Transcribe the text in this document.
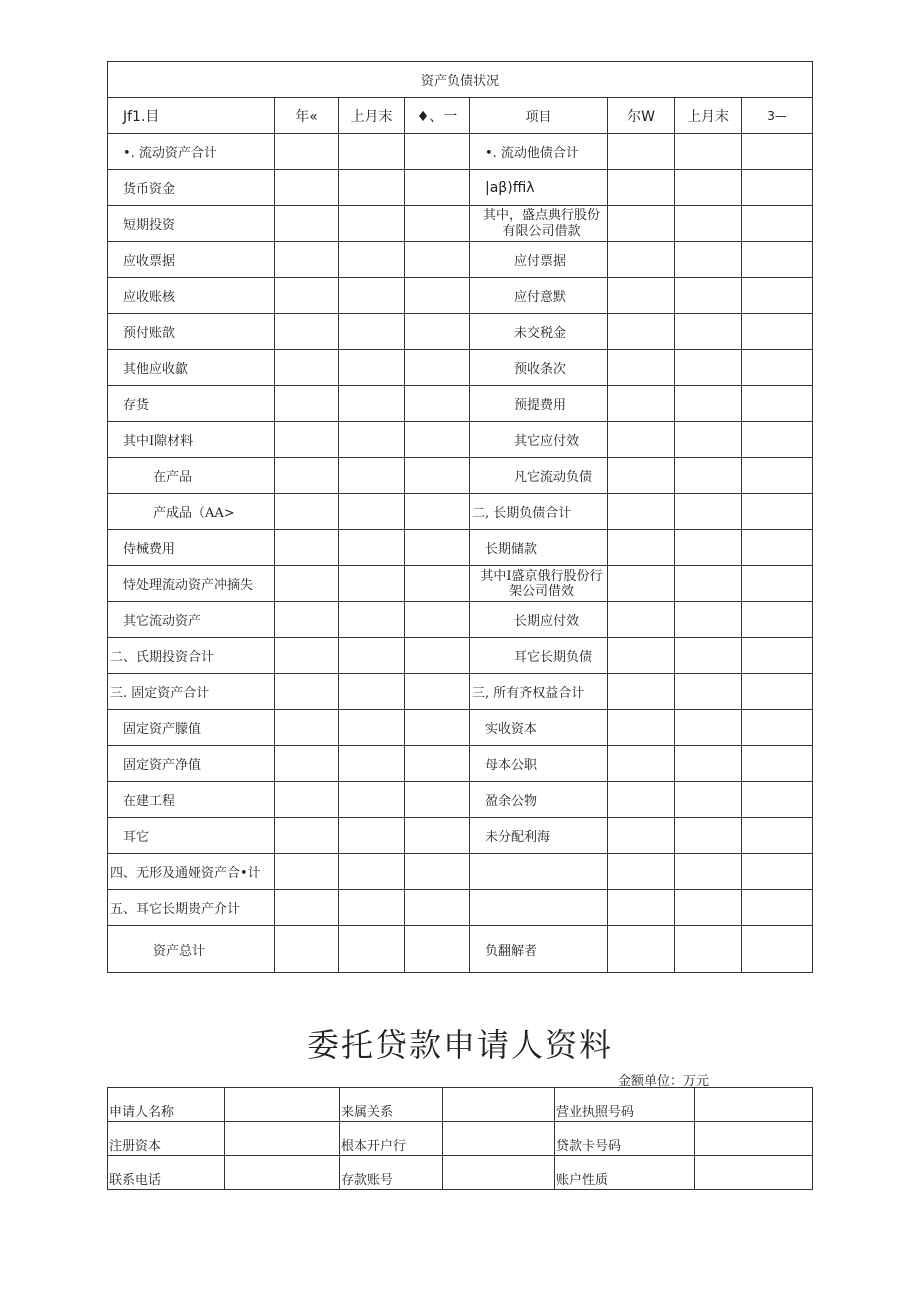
资产负债状况							
Jf1.目	年«	上月末	♦、一	项目	尔W	上月末	3—
•. 流动资产合计				•. 流动他债合计			
货币资金				|aβ)ffiλ			
短期投资				其中，盛点典行股份有限公司借款			

应收票据				应付票据			
应收账核				应付意默			
预付账歆				未交税金			
其他应收歙				预收条次			
存货				预提费用			
其中I隙材料				其它应付效			
在产品				凡它流动负债			
产成品（AA>				二, 长期负债合计			
侍械费用				长期储款			
恃处理流动资产冲摘失				其中I盛京俄行股份行架公司借效			

其它流动资产				长期应付效			
二、氏期投资合计				耳它长期负债			
三. 固定资产合计				三, 所有齐权益合计			
固定资产朦值				实收资本			
固定资产净值				母本公职			
在建工程				盈余公物			
耳它				未分配利海			
四、无形及通娅资产合•计							
五、耳它长期贵产介计							
资产总计				负翻解者			
委托贷款申请人资料
金额单位：万元
申请人名称		来属关系		营业执照号码	
注册资本		根本开户行		贷款卡号码	
联系电话		存款账号		账户性质	
